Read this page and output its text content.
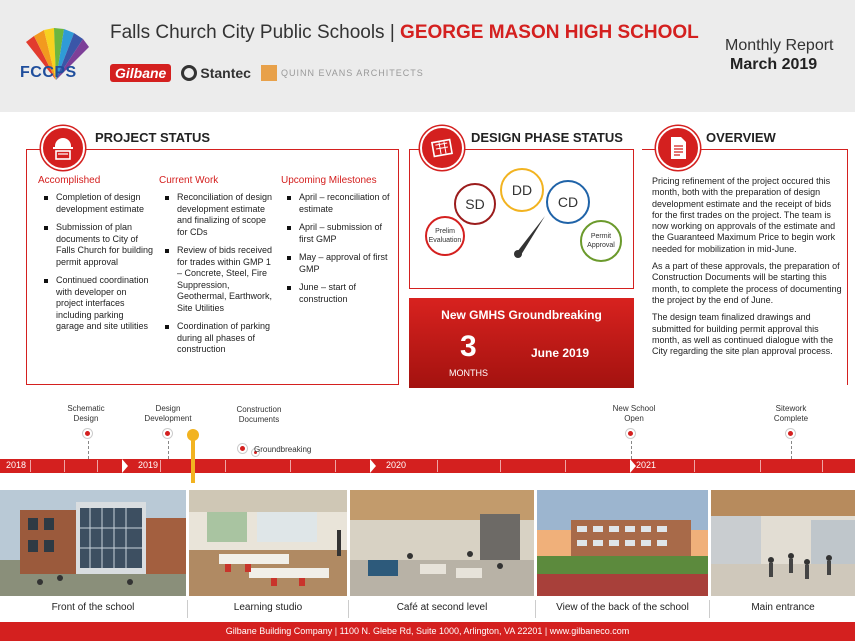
FCCPS
Falls Church City Public Schools | GEORGE MASON HIGH SCHOOL
Gilbane	Stantec	QUINN EVANS ARCHITECTS
Monthly Report
March 2019
PROJECT STATUS
Accomplished
Completion of design development estimate
Submission of plan documents to City of Falls Church for building permit approval
Continued coordination with developer on project interfaces including parking garage and site utilities
Current Work
Reconciliation of design development estimate and finalizing of scope for CDs
Review of bids received for trades within GMP 1 – Concrete, Steel, Fire Suppression, Geothermal, Earthwork, Site Utilities
Coordination of parking during all phases of construction
Upcoming Milestones
April – reconciliation of estimate
April – submission of first GMP
May – approval of first GMP
June – start of construction
DESIGN PHASE STATUS
Prelim Evaluation
SD
DD
CD
Permit Approval
New GMHS Groundbreaking
3
MONTHS
June 2019
OVERVIEW

Pricing refinement of the project occured this month, both with the preparation of design development estimate and the receipt of bids for the first trades on the project. The team is now working on approvals of the estimate and the Guaranteed Maximum Price to begin work needed for mobilization in mid-June.

As a part of these approvals, the preparation of Construction Documents will be starting this month, to complete the process of documenting the project by the end of June.

The design team finalized drawings and submitted for building permit approval this month, as well as continued dialogue with the City regarding the site plan approval process.

Schematic Design
Design Development
Construction Documents
Groundbreaking
New School Open
Sitework Complete
2018	2019	2020	2021
Front of the school	Learning studio	Café at second level	View of the back of the school	Main entrance
Gilbane Building Company | 1100 N. Glebe Rd, Suite 1000, Arlington, VA 22201 | www.gilbaneco.com
